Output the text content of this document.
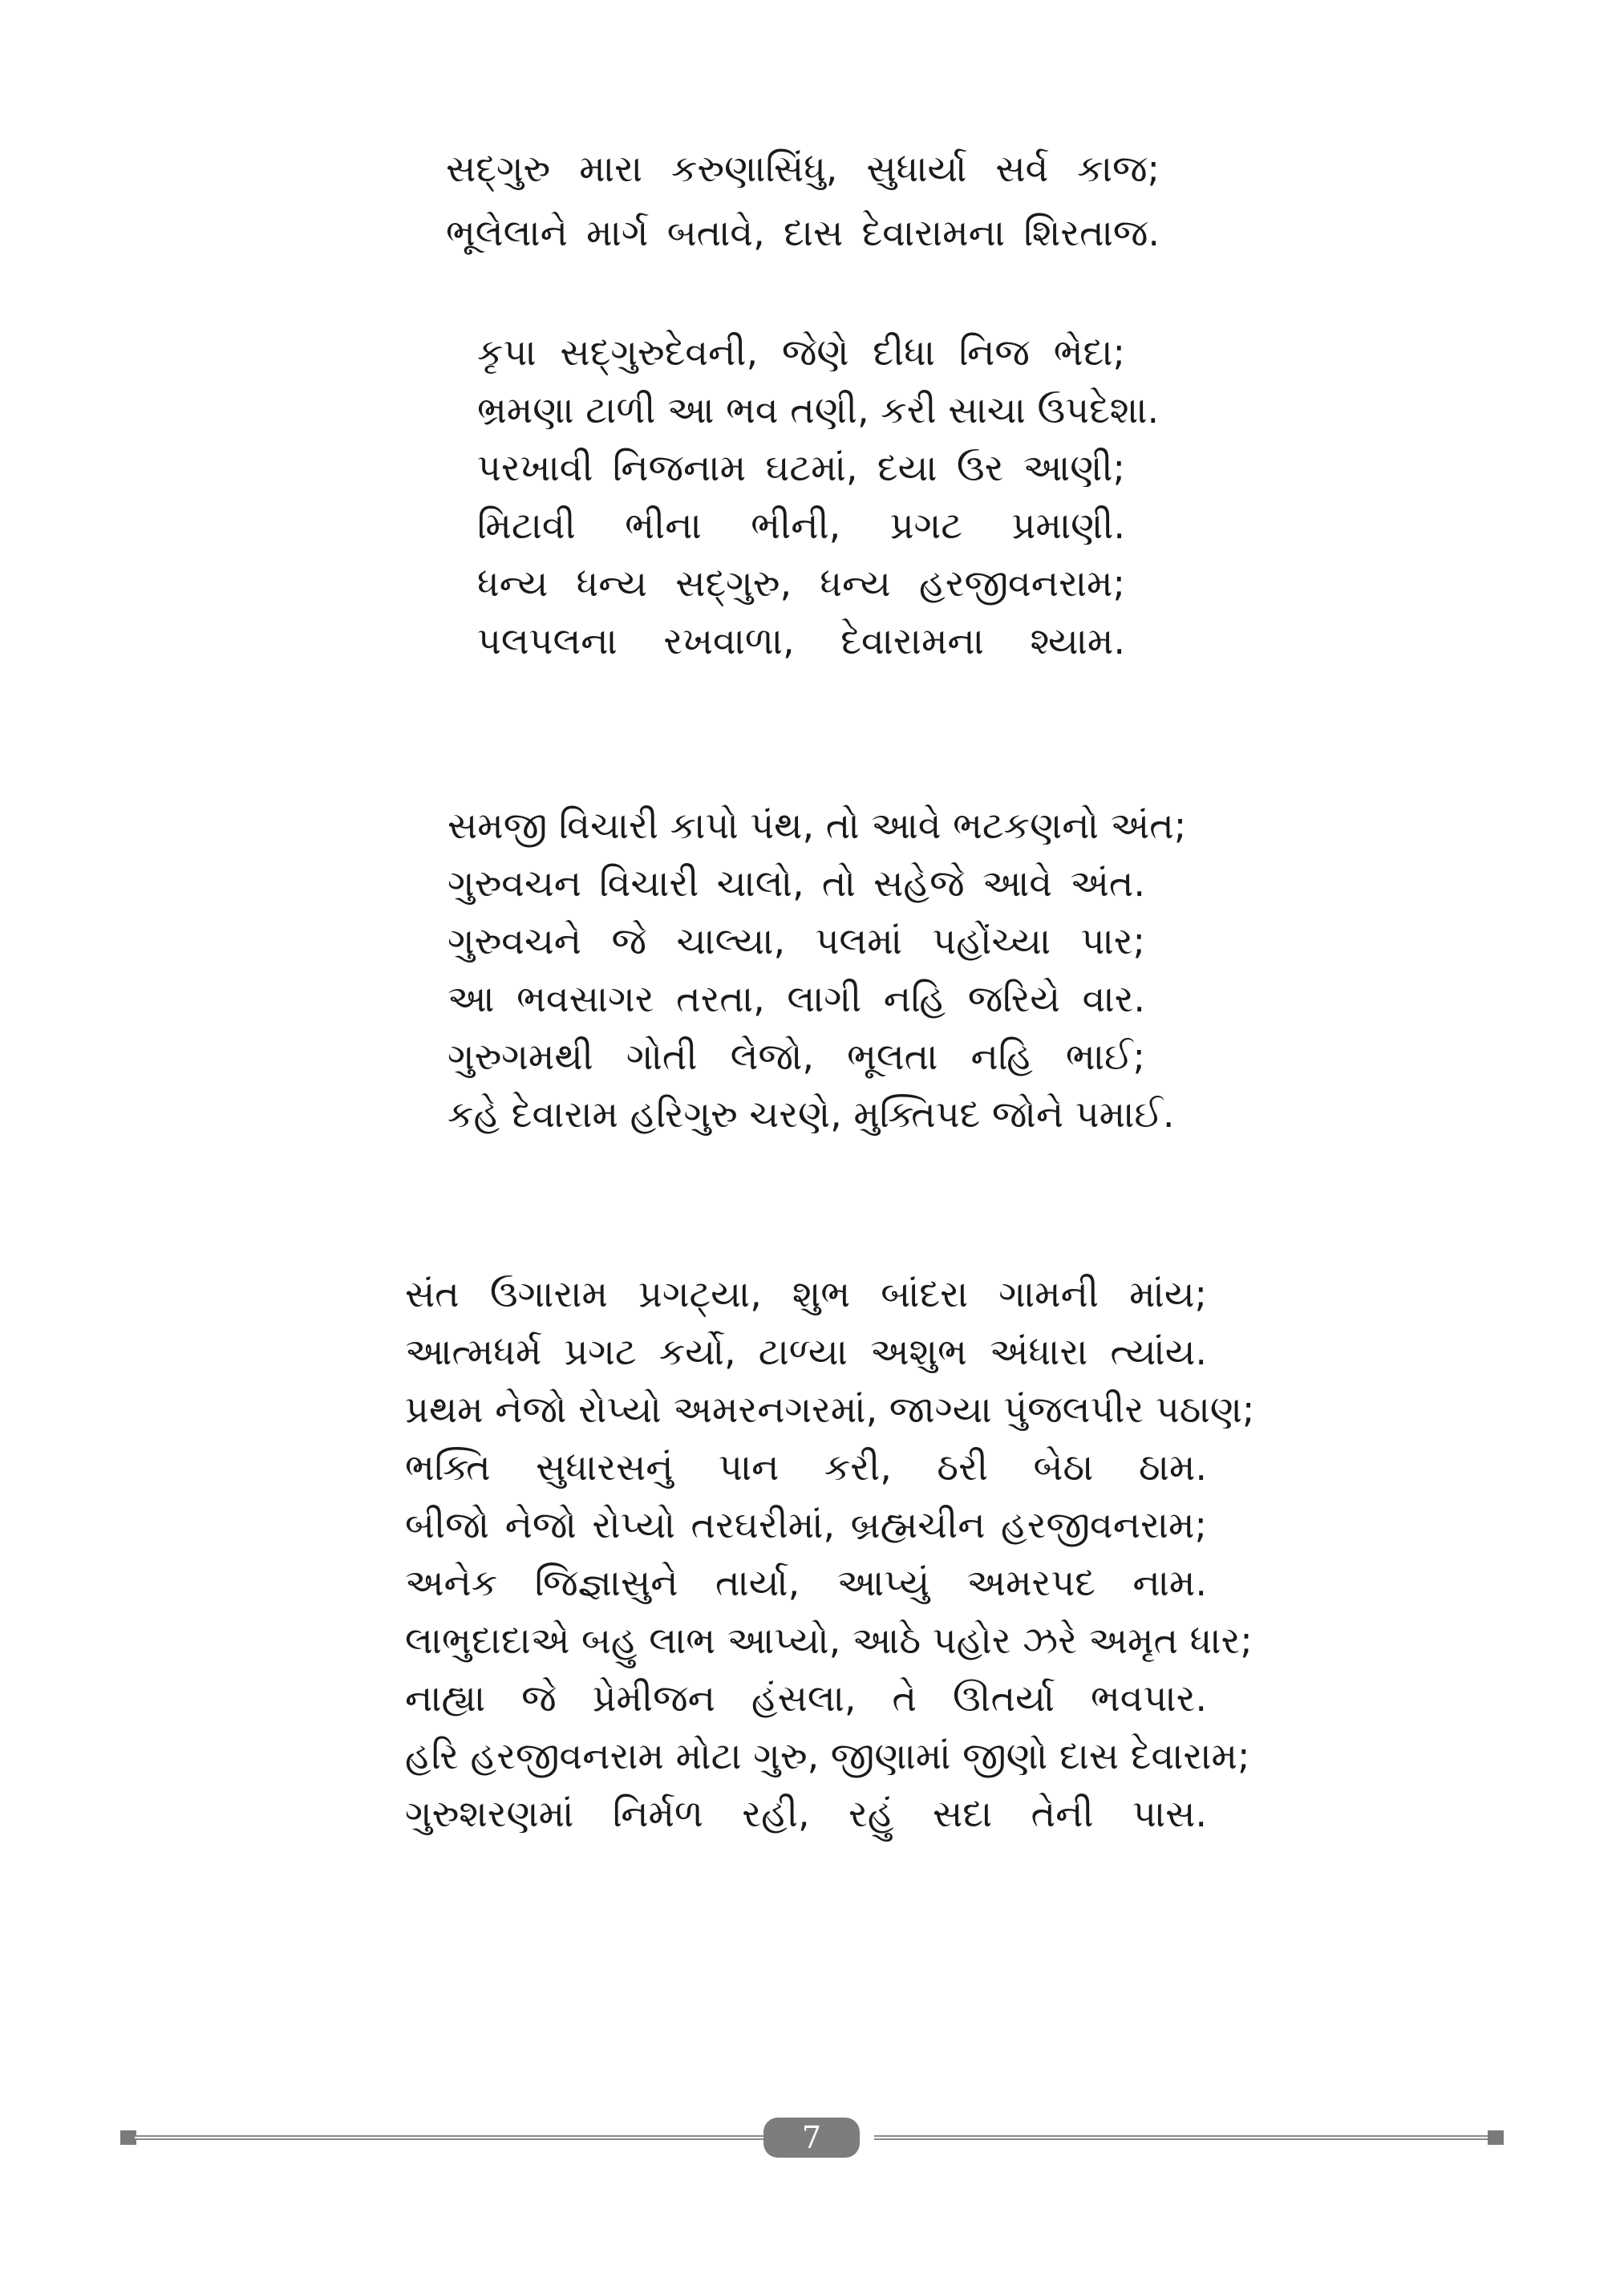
સદ્‌ગુરુ મારા કરુણાસિંધુ, સુધાર્યા સર્વ કાજ;
ભૂલેલાને માર્ગ બતાવે, દાસ દેવારામના શિરતાજ.
કૃપા સદ્‌ગુરુદેવની, જેણે દીધા નિજ ભેદા;
ભ્રમણા ટાળી આ ભવ તણી, કરી સાચા ઉપદેશા.
પરખાવી નિજનામ ઘટમાં, દયા ઉર આણી;
મિટાવી ભીના ભીની, પ્રગટ પ્રમાણી.
ધન્ય ધન્ય સદ્‌ગુરુ, ધન્ય હરજીવનરામ;
પલપલના રખવાળા, દેવારામના શ્યામ.
સમજી વિચારી કાપો પંથ, તો આવે ભટકણનો અંત;
ગુરુવચન વિચારી ચાલો, તો સહેજે આવે અંત.
ગુરુવચને જે ચાલ્યા, પલમાં પહોંચ્યા પાર;
આ ભવસાગર તરતા, લાગી નહિ જરિયે વાર.
ગુરુગમથી ગોતી લેજો, ભૂલતા નહિ ભાઈ;
કહે દેવારામ હરિગુરુ ચરણે, મુક્તિપદ જોને પમાઈ.
સંત ઉગારામ પ્રગટ્યા, શુભ બાંદરા ગામની માંય;
આત્મધર્મ પ્રગટ કર્યો, ટાળ્યા અશુભ અંધારા ત્યાંય.
પ્રથમ નેજો રોપ્યો અમરનગરમાં, જાગ્યા પુંજલપીર પઠાણ;
ભક્તિ સુધારસનું પાન કરી, ઠરી બેઠા ઠામ.
બીજો નેજો રોપ્યો તરઘરીમાં, બ્રહ્મચીન હરજીવનરામ;
અનેક જિજ્ઞાસુને તાર્યા, આપ્યું અમરપદ નામ.
લાભુદાદાએ બહુ લાભ આપ્યો, આઠે પહોર ઝરે અમૃત ધાર;
નાહ્યા જે પ્રેમીજન હંસલા, તે ઊતર્યા ભવપાર.
હરિ હરજીવનરામ મોટા ગુરુ, જીણામાં જીણો દાસ દેવારામ;
ગુરુશરણમાં નિર્મળ રહી, રહું સદા તેની પાસ.
7
